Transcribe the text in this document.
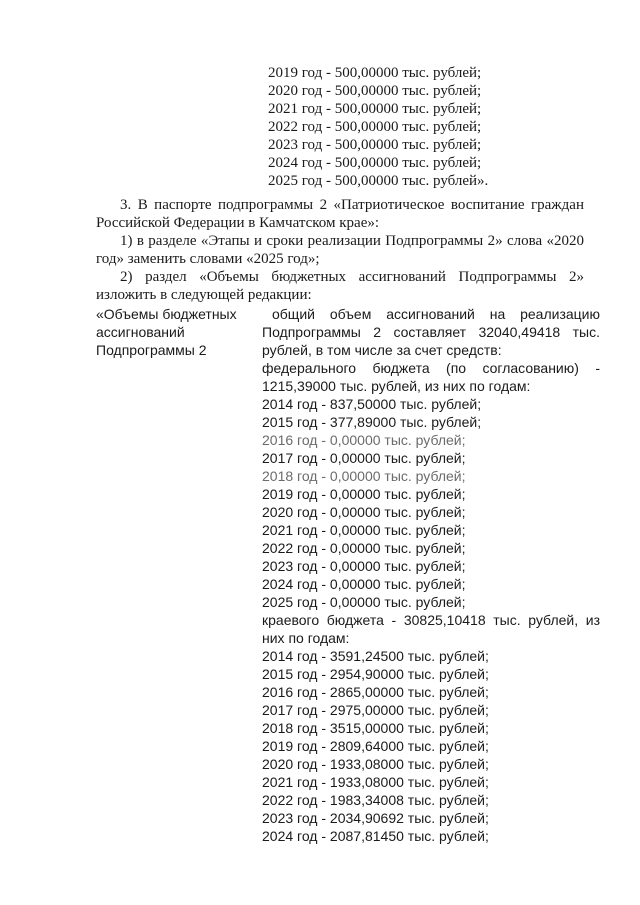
2019 год - 500,00000 тыс. рублей;
2020 год - 500,00000 тыс. рублей;
2021 год - 500,00000 тыс. рублей;
2022 год - 500,00000 тыс. рублей;
2023 год - 500,00000 тыс. рублей;
2024 год - 500,00000 тыс. рублей;
2025 год - 500,00000 тыс. рублей».
3. В паспорте подпрограммы 2 «Патриотическое воспитание граждан Российской Федерации в Камчатском крае»:
1) в разделе «Этапы и сроки реализации Подпрограммы 2» слова «2020 год» заменить словами «2025 год»;
2) раздел «Объемы бюджетных ассигнований Подпрограммы 2» изложить в следующей редакции:
«Объемы бюджетных ассигнований Подпрограммы 2
общий объем ассигнований на реализацию Подпрограммы 2 составляет 32040,49418 тыс. рублей, в том числе за счет средств:
федерального бюджета (по согласованию) - 1215,39000 тыс. рублей, из них по годам:
2014 год - 837,50000 тыс. рублей;
2015 год - 377,89000 тыс. рублей;
2016 год - 0,00000 тыс. рублей;
2017 год - 0,00000 тыс. рублей;
2018 год - 0,00000 тыс. рублей;
2019 год - 0,00000 тыс. рублей;
2020 год - 0,00000 тыс. рублей;
2021 год - 0,00000 тыс. рублей;
2022 год - 0,00000 тыс. рублей;
2023 год - 0,00000 тыс. рублей;
2024 год - 0,00000 тыс. рублей;
2025 год - 0,00000 тыс. рублей;
краевого бюджета - 30825,10418 тыс. рублей, из них по годам:
2014 год - 3591,24500 тыс. рублей;
2015 год - 2954,90000 тыс. рублей;
2016 год - 2865,00000 тыс. рублей;
2017 год - 2975,00000 тыс. рублей;
2018 год - 3515,00000 тыс. рублей;
2019 год - 2809,64000 тыс. рублей;
2020 год - 1933,08000 тыс. рублей;
2021 год - 1933,08000 тыс. рублей;
2022 год - 1983,34008 тыс. рублей;
2023 год - 2034,90692 тыс. рублей;
2024 год - 2087,81450 тыс. рублей;
